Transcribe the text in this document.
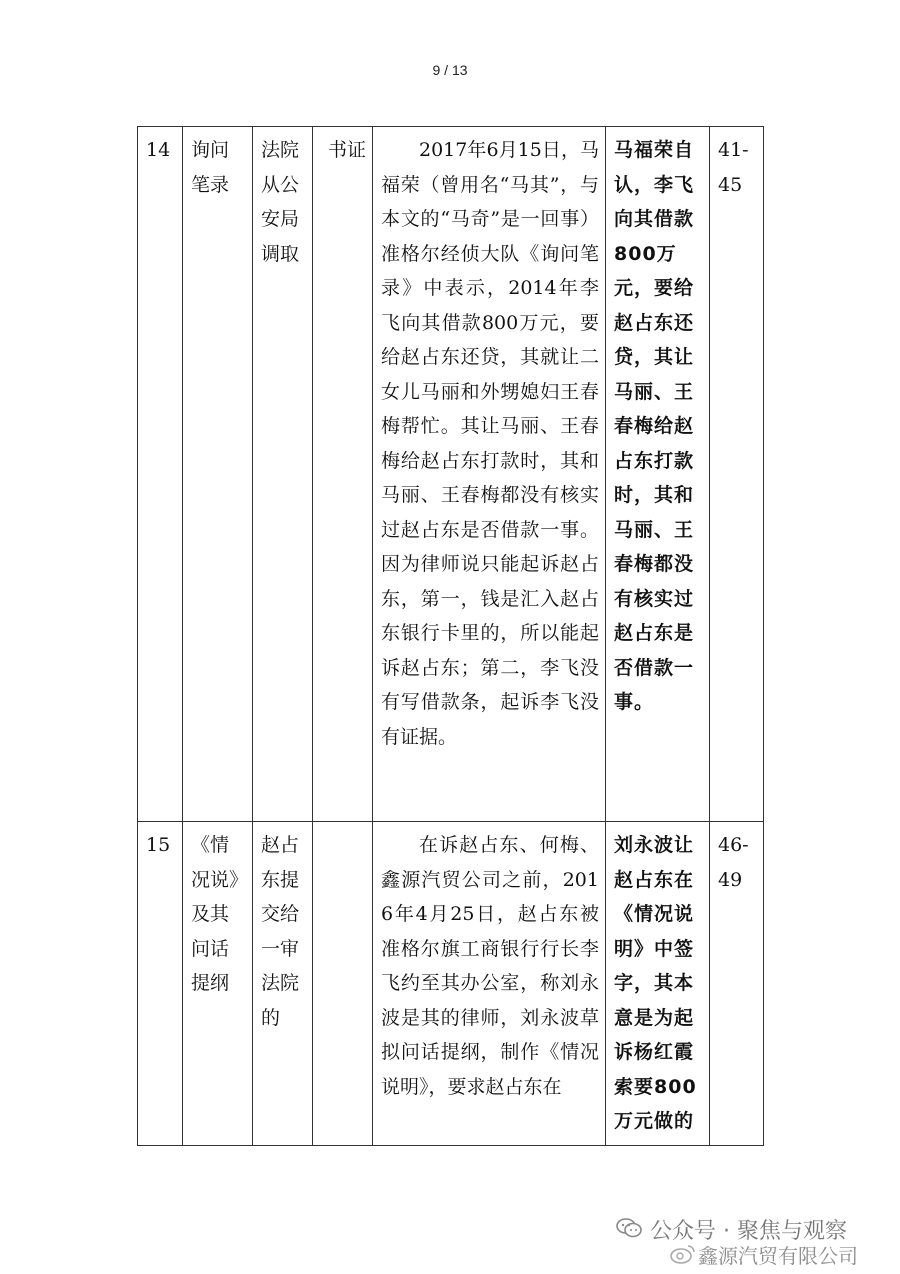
9 / 13
14	询问笔录	法院从公安局调取	书证	2017年6月15日，马福荣（曾用名“马其”，与本文的“马奇”是一回事）准格尔经侦大队《询问笔录》中表示，2014年李飞向其借款800万元，要给赵占东还贷，其就让二女儿马丽和外甥媳妇王春梅帮忙。其让马丽、王春梅给赵占东打款时，其和马丽、王春梅都没有核实过赵占东是否借款一事。因为律师说只能起诉赵占东，第一，钱是汇入赵占东银行卡里的，所以能起诉赵占东；第二，李飞没有写借款条，起诉李飞没有证据。	马福荣自认，李飞向其借款800万元，要给赵占东还贷，其让马丽、王春梅给赵占东打款时，其和马丽、王春梅都没有核实过赵占东是否借款一事。	41-45
15	《情况说》及其问话提纲	赵占东提交给一审法院的		在诉赵占东、何梅、鑫源汽贸公司之前，2016年4月25日，赵占东被准格尔旗工商银行行长李飞约至其办公室，称刘永波是其的律师，刘永波草拟问话提纲，制作《情况说明》，要求赵占东在	刘永波让赵占东在《情况说明》中签字，其本意是为起诉杨红霞索要800万元做的	46-49
公众号 · 聚焦与观察
鑫源汽贸有限公司
